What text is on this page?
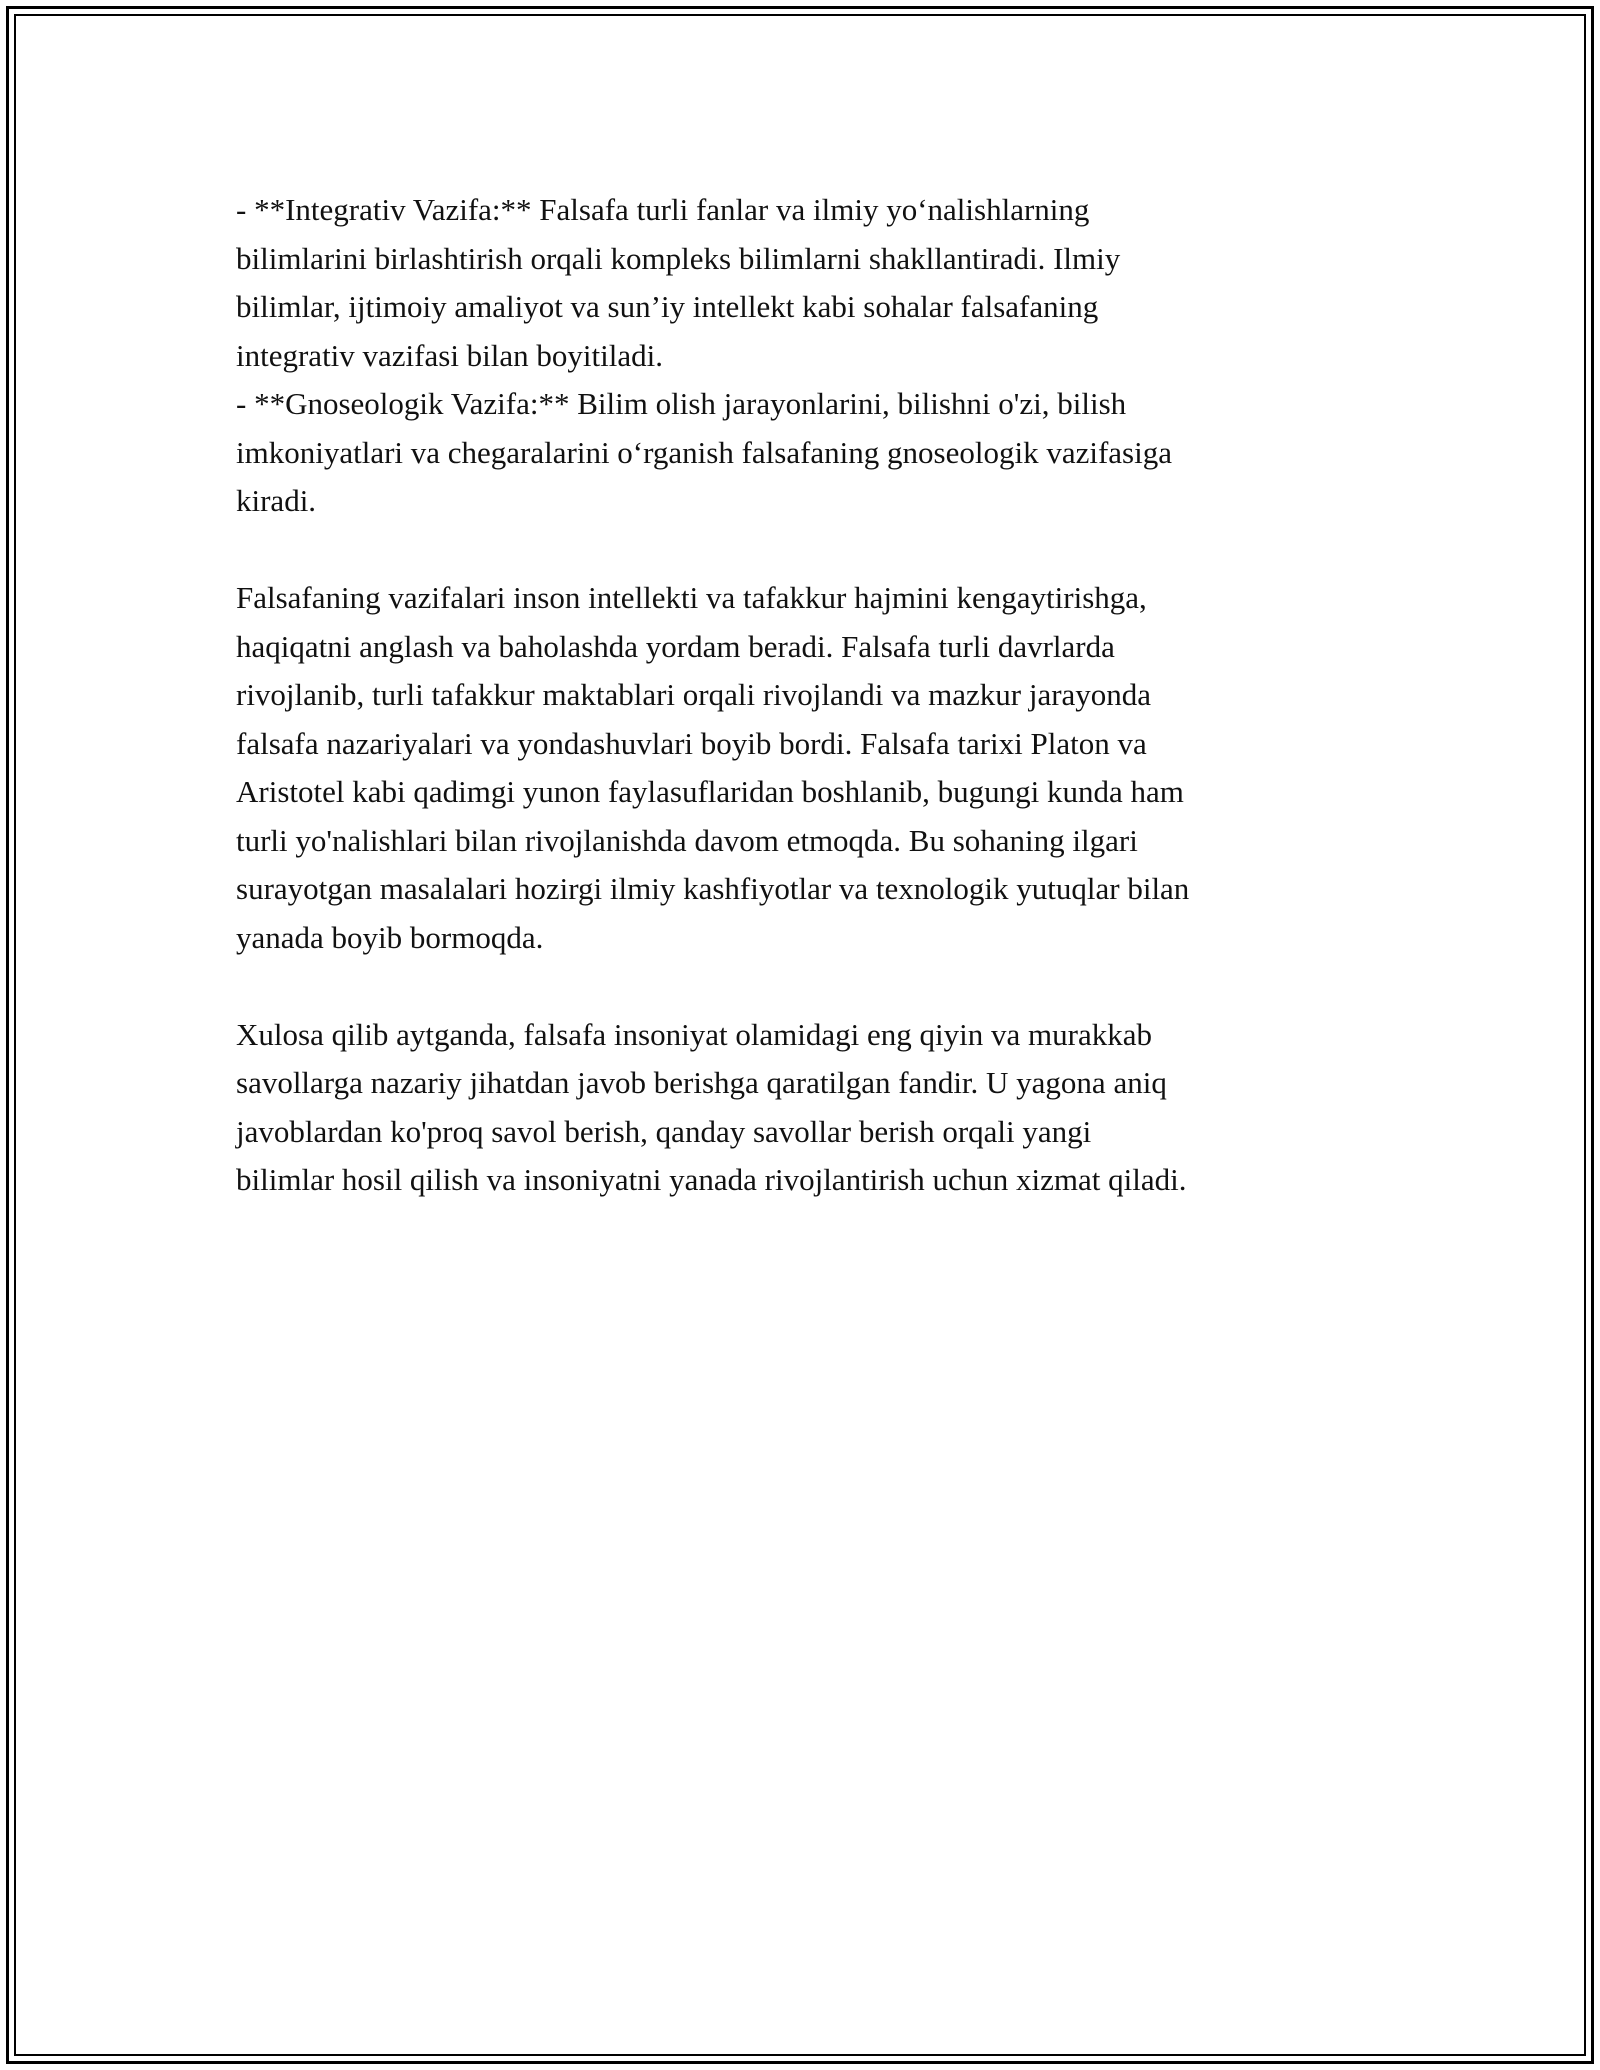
- **Integrativ Vazifa:** Falsafa turli fanlar va ilmiy yo‘nalishlarning
bilimlarini birlashtirish orqali kompleks bilimlarni shakllantiradi. Ilmiy
bilimlar, ijtimoiy amaliyot va sun’iy intellekt kabi sohalar falsafaning
integrativ vazifasi bilan boyitiladi.
- **Gnoseologik Vazifa:** Bilim olish jarayonlarini, bilishni o'zi, bilish
imkoniyatlari va chegaralarini o‘rganish falsafaning gnoseologik vazifasiga
kiradi.

Falsafaning vazifalari inson intellekti va tafakkur hajmini kengaytirishga,
haqiqatni anglash va baholashda yordam beradi. Falsafa turli davrlarda
rivojlanib, turli tafakkur maktablari orqali rivojlandi va mazkur jarayonda
falsafa nazariyalari va yondashuvlari boyib bordi. Falsafa tarixi Platon va
Aristotel kabi qadimgi yunon faylasuflaridan boshlanib, bugungi kunda ham
turli yo'nalishlari bilan rivojlanishda davom etmoqda. Bu sohaning ilgari
surayotgan masalalari hozirgi ilmiy kashfiyotlar va texnologik yutuqlar bilan
yanada boyib bormoqda.

Xulosa qilib aytganda, falsafa insoniyat olamidagi eng qiyin va murakkab
savollarga nazariy jihatdan javob berishga qaratilgan fandir. U yagona aniq
javoblardan ko'proq savol berish, qanday savollar berish orqali yangi
bilimlar hosil qilish va insoniyatni yanada rivojlantirish uchun xizmat qiladi.
